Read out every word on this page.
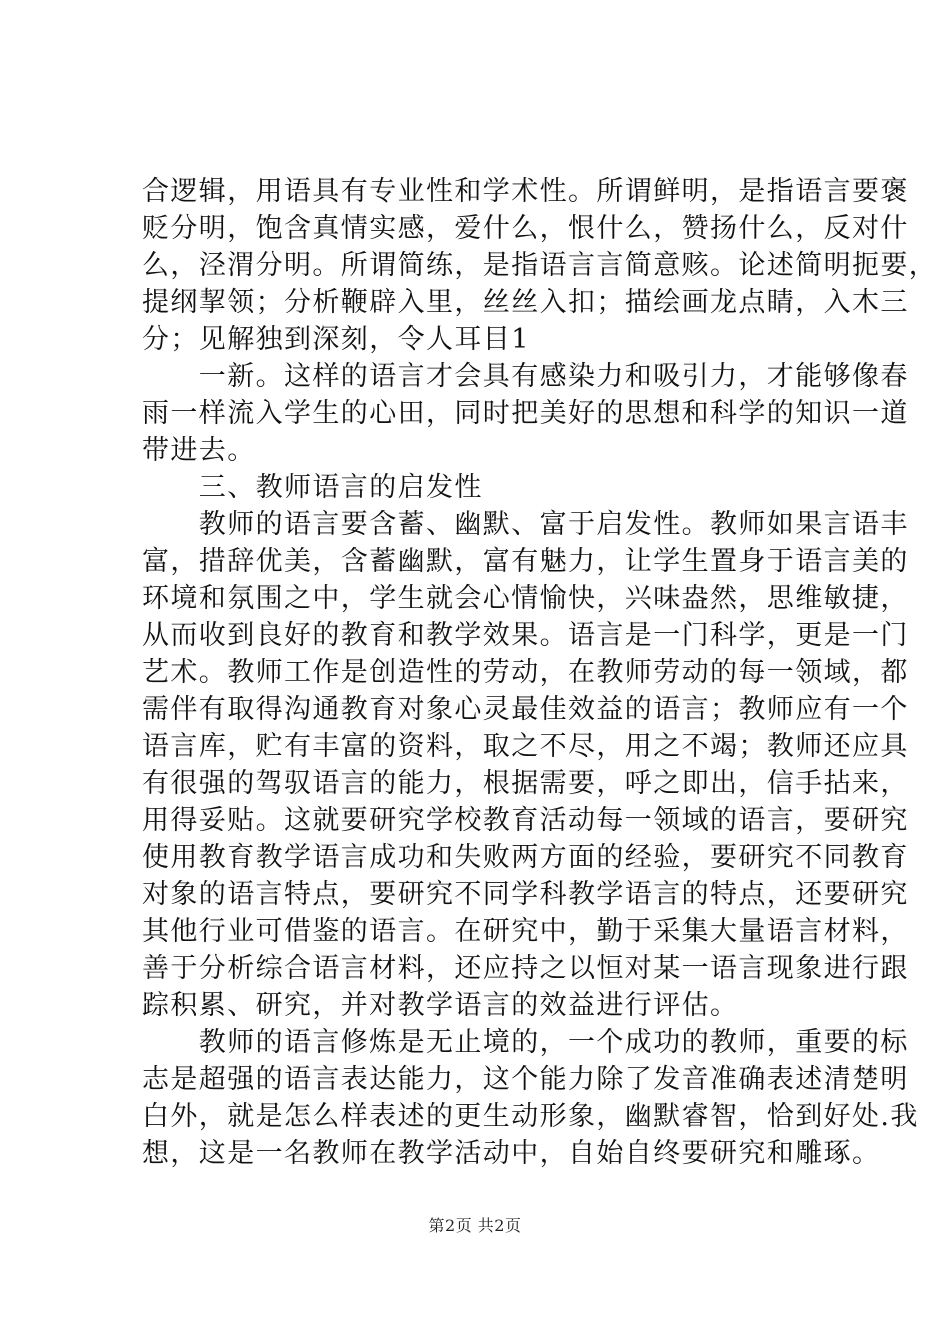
合逻辑，用语具有专业性和学术性。所谓鲜明，是指语言要褒
贬分明，饱含真情实感，爱什么，恨什么，赞扬什么，反对什
么，泾渭分明。所谓简练，是指语言言简意赅。论述简明扼要，
提纲挈领；分析鞭辟入里，丝丝入扣；描绘画龙点睛，入木三
分；见解独到深刻，令人耳目1
　　一新。这样的语言才会具有感染力和吸引力，才能够像春
雨一样流入学生的心田，同时把美好的思想和科学的知识一道
带进去。
　　三、教师语言的启发性
　　教师的语言要含蓄、幽默、富于启发性。教师如果言语丰
富，措辞优美，含蓄幽默，富有魅力，让学生置身于语言美的
环境和氛围之中，学生就会心情愉快，兴味盎然，思维敏捷，
从而收到良好的教育和教学效果。语言是一门科学，更是一门
艺术。教师工作是创造性的劳动，在教师劳动的每一领域，都
需伴有取得沟通教育对象心灵最佳效益的语言；教师应有一个
语言库，贮有丰富的资料，取之不尽，用之不竭；教师还应具
有很强的驾驭语言的能力，根据需要，呼之即出，信手拈来，
用得妥贴。这就要研究学校教育活动每一领域的语言，要研究
使用教育教学语言成功和失败两方面的经验，要研究不同教育
对象的语言特点，要研究不同学科教学语言的特点，还要研究
其他行业可借鉴的语言。在研究中，勤于采集大量语言材料，
善于分析综合语言材料，还应持之以恒对某一语言现象进行跟
踪积累、研究，并对教学语言的效益进行评估。
　　教师的语言修炼是无止境的，一个成功的教师，重要的标
志是超强的语言表达能力，这个能力除了发音准确表述清楚明
白外，就是怎么样表述的更生动形象，幽默睿智，恰到好处.我
想，这是一名教师在教学活动中，自始自终要研究和雕琢。
第2页 共2页
